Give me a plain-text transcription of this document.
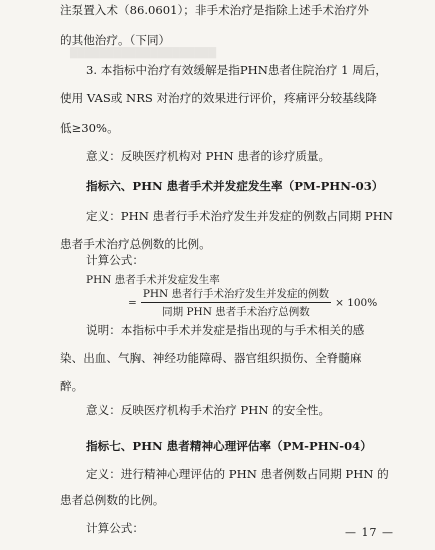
████████████████████
注泵置入术（86.0601）；非手术治疗是指除上述手术治疗外
的其他治疗。（下同）
3. 本指标中治疗有效缓解是指PHN患者住院治疗 1 周后，
使用 VAS或 NRS 对治疗的效果进行评价，疼痛评分较基线降
低≥30%。
意义：反映医疗机构对 PHN 患者的诊疗质量。
指标六、PHN 患者手术并发症发生率（PM-PHN-03）
定义：PHN 患者行手术治疗发生并发症的例数占同期 PHN
患者手术治疗总例数的比例。
计算公式：
PHN 患者手术并发症发生率
= $\frac{\text{PHN 患者行手术治疗发生并发症的例数}}{\text{同期 PHN 患者手术治疗总例数}} \times 100\%$
说明：本指标中手术并发症是指出现的与手术相关的感
染、出血、气胸、神经功能障碍、器官组织损伤、全脊髓麻
醉。
意义：反映医疗机构手术治疗 PHN 的安全性。
指标七、PHN 患者精神心理评估率（PM-PHN-04）
定义：进行精神心理评估的 PHN 患者例数占同期 PHN 的
患者总例数的比例。
计算公式：	— 17 —
